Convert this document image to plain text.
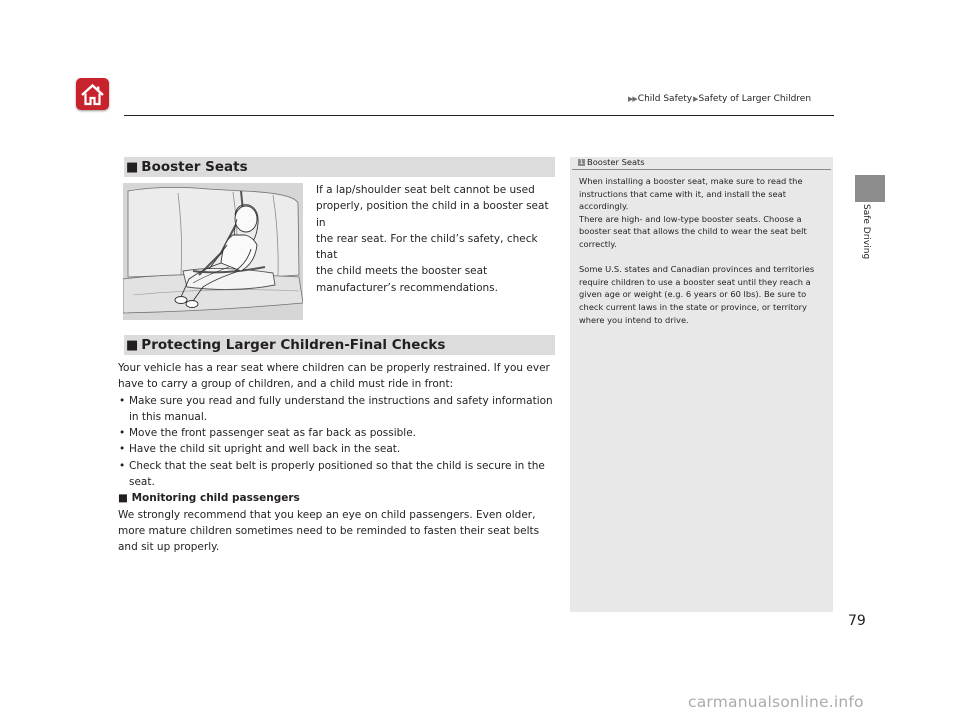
▶▶ Child Safety ▶ Safety of Larger Children
Safe Driving
■ Booster Seats
If a lap/shoulder seat belt cannot be used
properly, position the child in a booster seat in
the rear seat. For the child’s safety, check that
the child meets the booster seat
manufacturer’s recommendations.
■ Protecting Larger Children-Final Checks

Your vehicle has a rear seat where children can be properly restrained. If you ever have to carry a group of children, and a child must ride in front:

• Make sure you read and fully understand the instructions and safety information in this manual.
• Move the front passenger seat as far back as possible.
• Have the child sit upright and well back in the seat.
• Check that the seat belt is properly positioned so that the child is secure in the seat.

■ Monitoring child passengers

We strongly recommend that you keep an eye on child passengers. Even older, more mature children sometimes need to be reminded to fasten their seat belts and sit up properly.

1 Booster Seats

When installing a booster seat, make sure to read the instructions that came with it, and install the seat accordingly.

There are high- and low-type booster seats. Choose a booster seat that allows the child to wear the seat belt correctly.

Some U.S. states and Canadian provinces and territories require children to use a booster seat until they reach a given age or weight (e.g. 6 years or 60 lbs). Be sure to check current laws in the state or province, or territory where you intend to drive.

79
carmanualsonline.info
